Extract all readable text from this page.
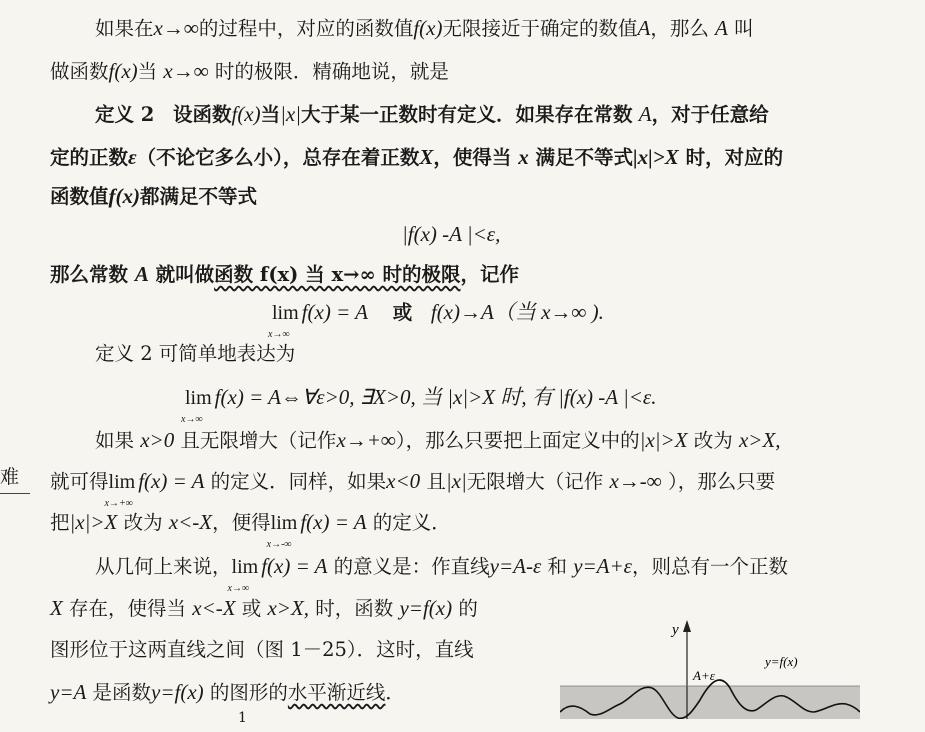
如果在x→∞的过程中，对应的函数值f(x)无限接近于确定的数值A，那么 A 叫
做函数f(x)当 x→∞ 时的极限．精确地说，就是
定义 2 设函数f(x)当|x|大于某一正数时有定义．如果存在常数 A，对于任意给
定的正数ε（不论它多么小），总存在着正数X，使得当 x 满足不等式|x|>X 时，对应的
函数值f(x)都满足不等式
|f(x) -A |<ε,
那么常数 A 就叫做函数 f(x) 当 x→∞ 时的极限，记作
lim
x→∞
f(x) = A 或 f(x)→A（当 x→∞ ).
定义 2 可简单地表达为
lim
x→∞
f(x) = A⇔∀ε>0, ∃X>0, 当 |x|>X 时, 有 |f(x) -A |<ε.
如果 x>0 且无限增大（记作x→+∞），那么只要把上面定义中的|x|>X 改为 x>X,
难 就可得lim
x→+∞
f(x) = A 的定义．同样，如果x<0 且|x|无限增大（记作 x→-∞ ），那么只要
把|x|>X 改为 x<-X，便得lim
x→-∞
f(x) = A 的定义．
从几何上来说，lim
x→∞
f(x) = A 的意义是：作直线y=A-ε 和 y=A+ε，则总有一个正数
X 存在，使得当 x<-X 或 x>X, 时，函数 y=f(x) 的
图形位于这两直线之间（图 1－25）．这时，直线
y=A 是函数y=f(x) 的图形的水平渐近线．
1
y
A+ε
y=f(x)
